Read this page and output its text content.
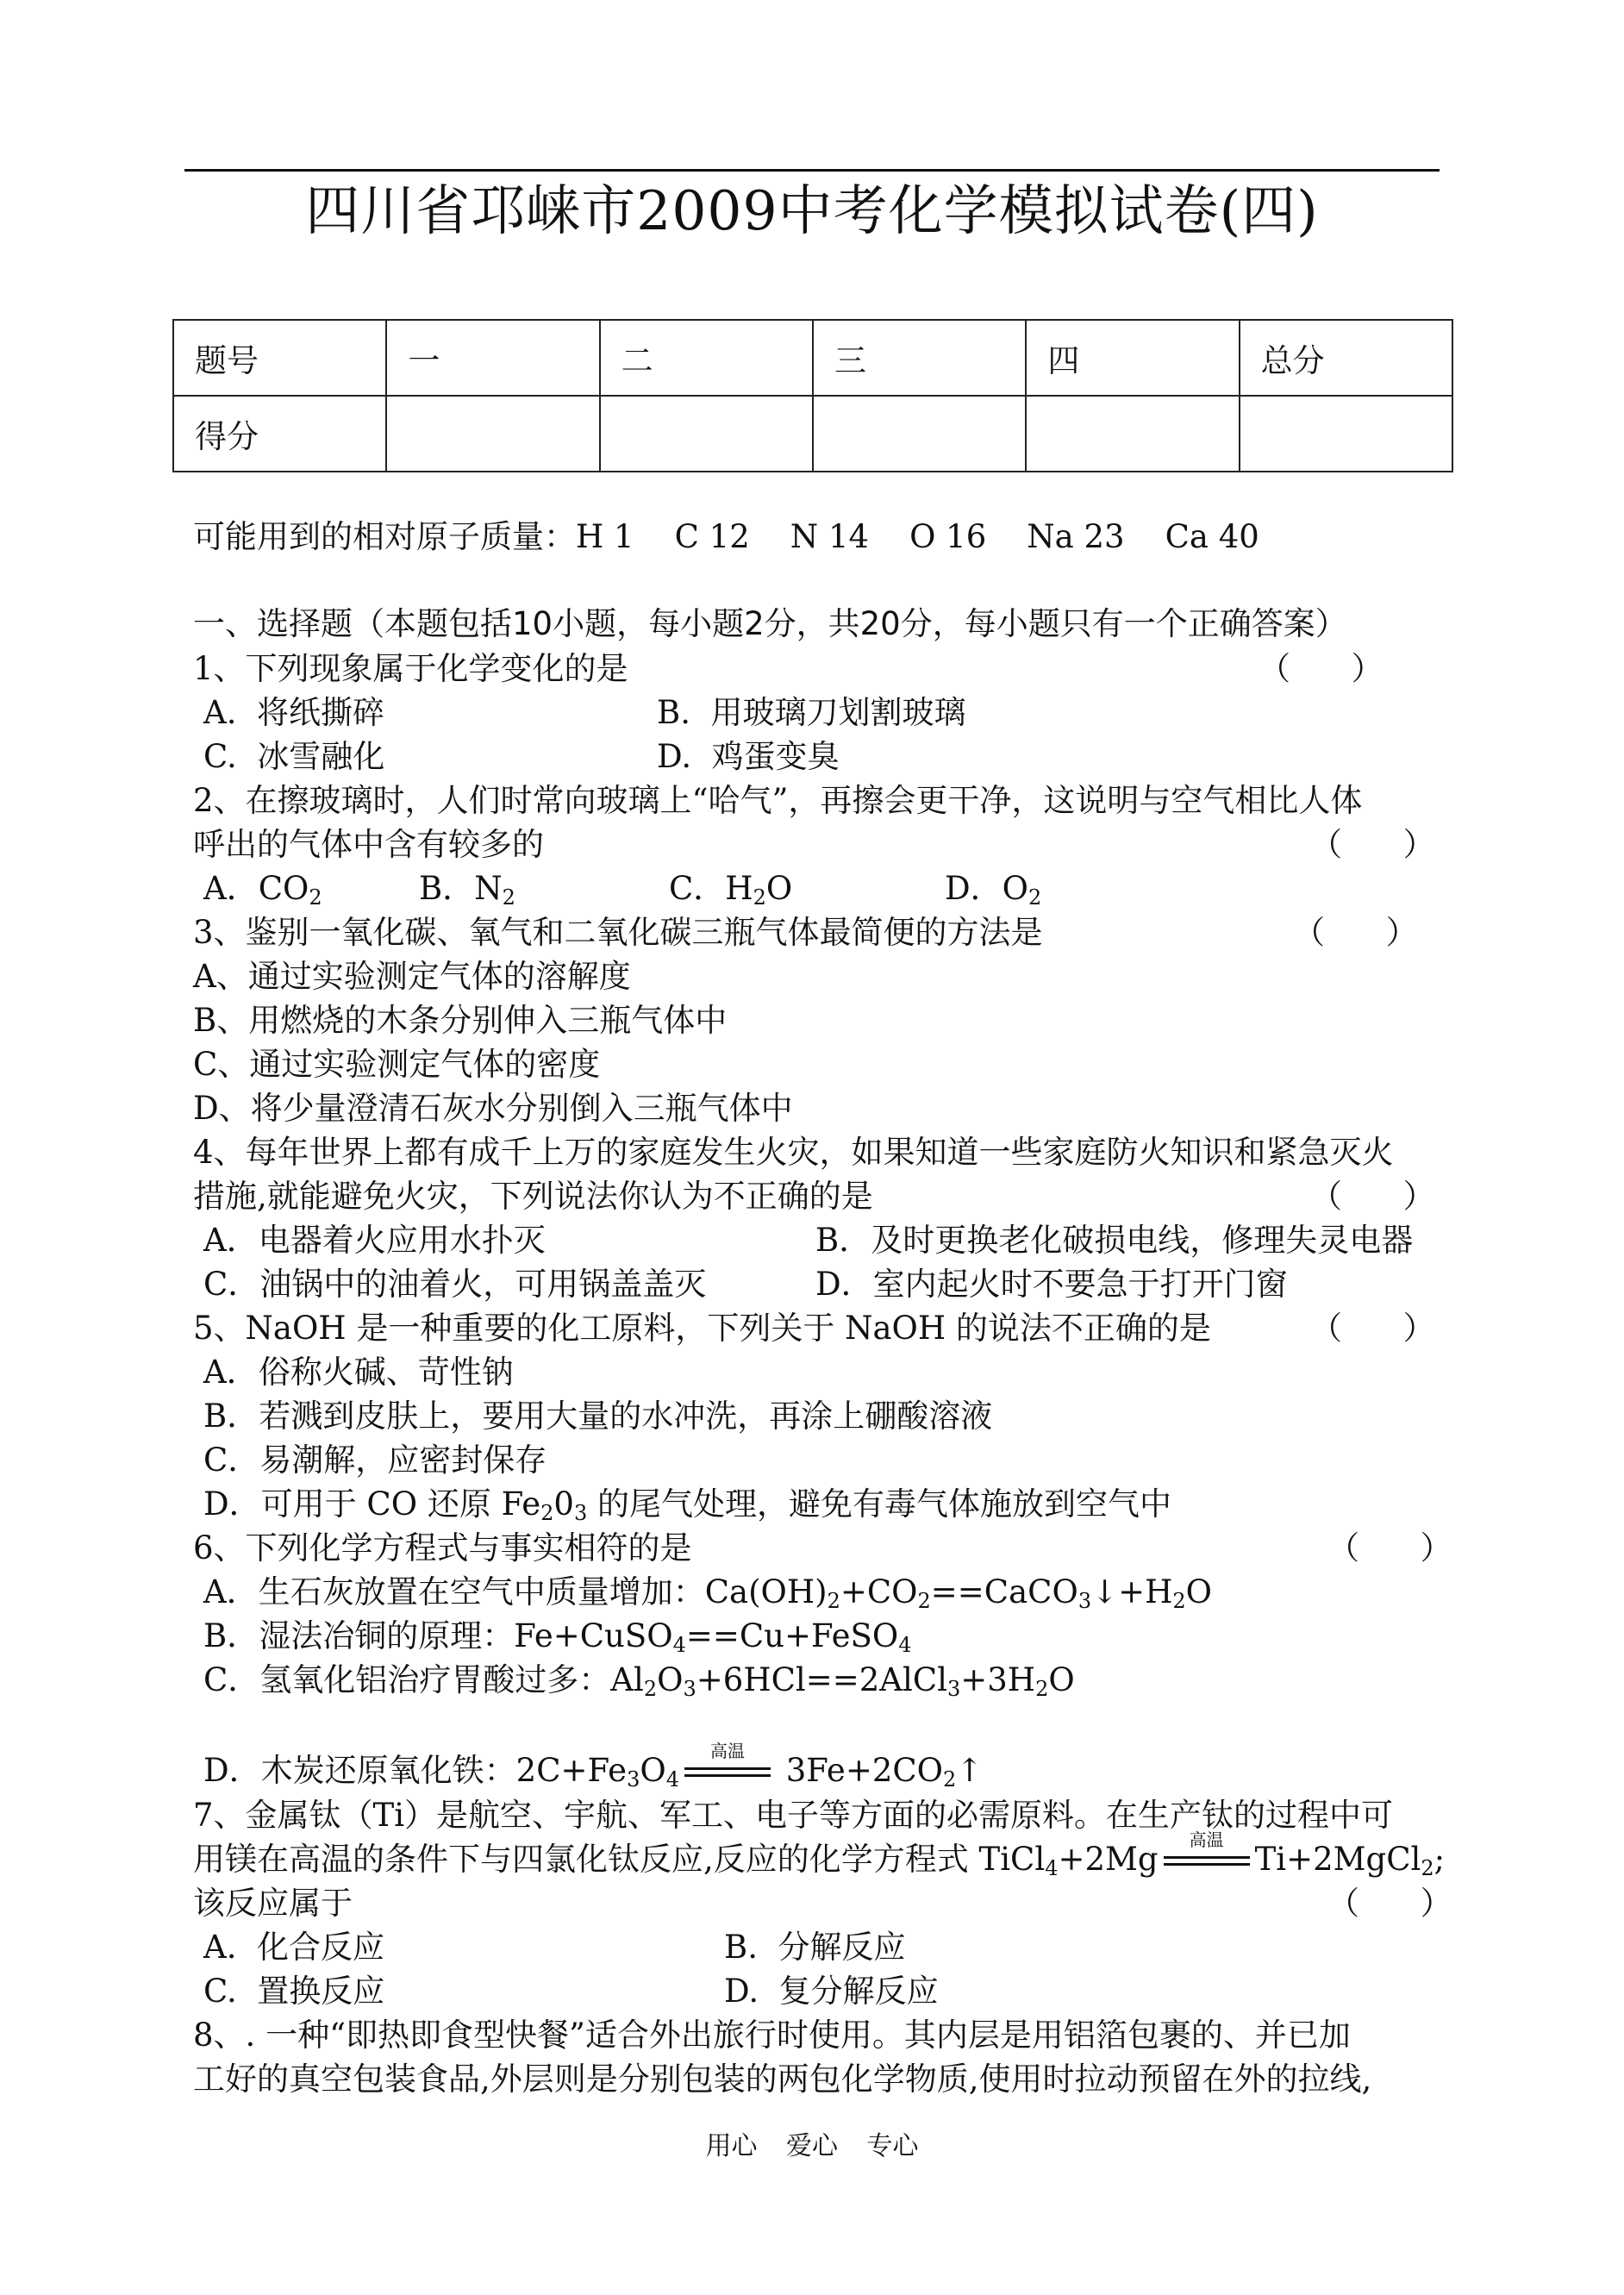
四川省邛崃市2009中考化学模拟试卷(四)
题号	一	二	三	四	总分
得分					
可能用到的相对原子质量：H 1    C 12    N 14    O 16    Na 23    Ca 40
一、选择题（本题包括10小题，每小题2分，共20分，每小题只有一个正确答案）
1、下列现象属于化学变化的是	（      ）
A.  将纸撕碎	B.  用玻璃刀划割玻璃
C.  冰雪融化	D.  鸡蛋变臭
2、在擦玻璃时，人们时常向玻璃上“哈气”，再擦会更干净，这说明与空气相比人体
呼出的气体中含有较多的	（      ）
A．$CO_2$	B．$N_2$	C．$H_2O$	D．$O_2$
3、鉴别一氧化碳、氧气和二氧化碳三瓶气体最简便的方法是	（      ）
A、通过实验测定气体的溶解度
B、用燃烧的木条分别伸入三瓶气体中
C、通过实验测定气体的密度
D、将少量澄清石灰水分别倒入三瓶气体中
4、每年世界上都有成千上万的家庭发生火灾，如果知道一些家庭防火知识和紧急灭火
措施,就能避免火灾，下列说法你认为不正确的是	（      ）
A．电器着火应用水扑灭	B．及时更换老化破损电线，修理失灵电器
C．油锅中的油着火，可用锅盖盖灭	D．室内起火时不要急于打开门窗
5、NaOH 是一种重要的化工原料，下列关于 NaOH 的说法不正确的是	（      ）
A．俗称火碱、苛性钠
B．若溅到皮肤上，要用大量的水冲洗，再涂上硼酸溶液
C．易潮解，应密封保存
D．可用于 CO 还原 $Fe_20_3$ 的尾气处理，避免有毒气体施放到空气中
6、下列化学方程式与事实相符的是	（      ）
A．生石灰放置在空气中质量增加：$Ca(OH)_2+CO_2==CaCO_3↓+H_2O$
B．湿法冶铜的原理：Fe+CuSO$_4$==Cu+FeSO$_4$
C．氢氧化铝治疗胃酸过多：$Al_2O_3+6HCl==2AlCl_3+3H_2O$
D．木炭还原氧化铁：$2C+Fe_3O_4$
高温
$3Fe+2CO_2↑$
7、金属钛（Ti）是航空、宇航、军工、电子等方面的必需原料。在生产钛的过程中可
用镁在高温的条件下与四氯化钛反应,反应的化学方程式 TiCl$_4$+2Mg
高温
Ti+2MgCl$_2$;
该反应属于	（      ）
A.  化合反应	B.  分解反应
C.  置换反应	D.  复分解反应
8、. 一种“即热即食型快餐”适合外出旅行时使用。其内层是用铝箔包裹的、并已加
工好的真空包装食品,外层则是分别包装的两包化学物质,使用时拉动预留在外的拉线,
用心 爱心 专心
